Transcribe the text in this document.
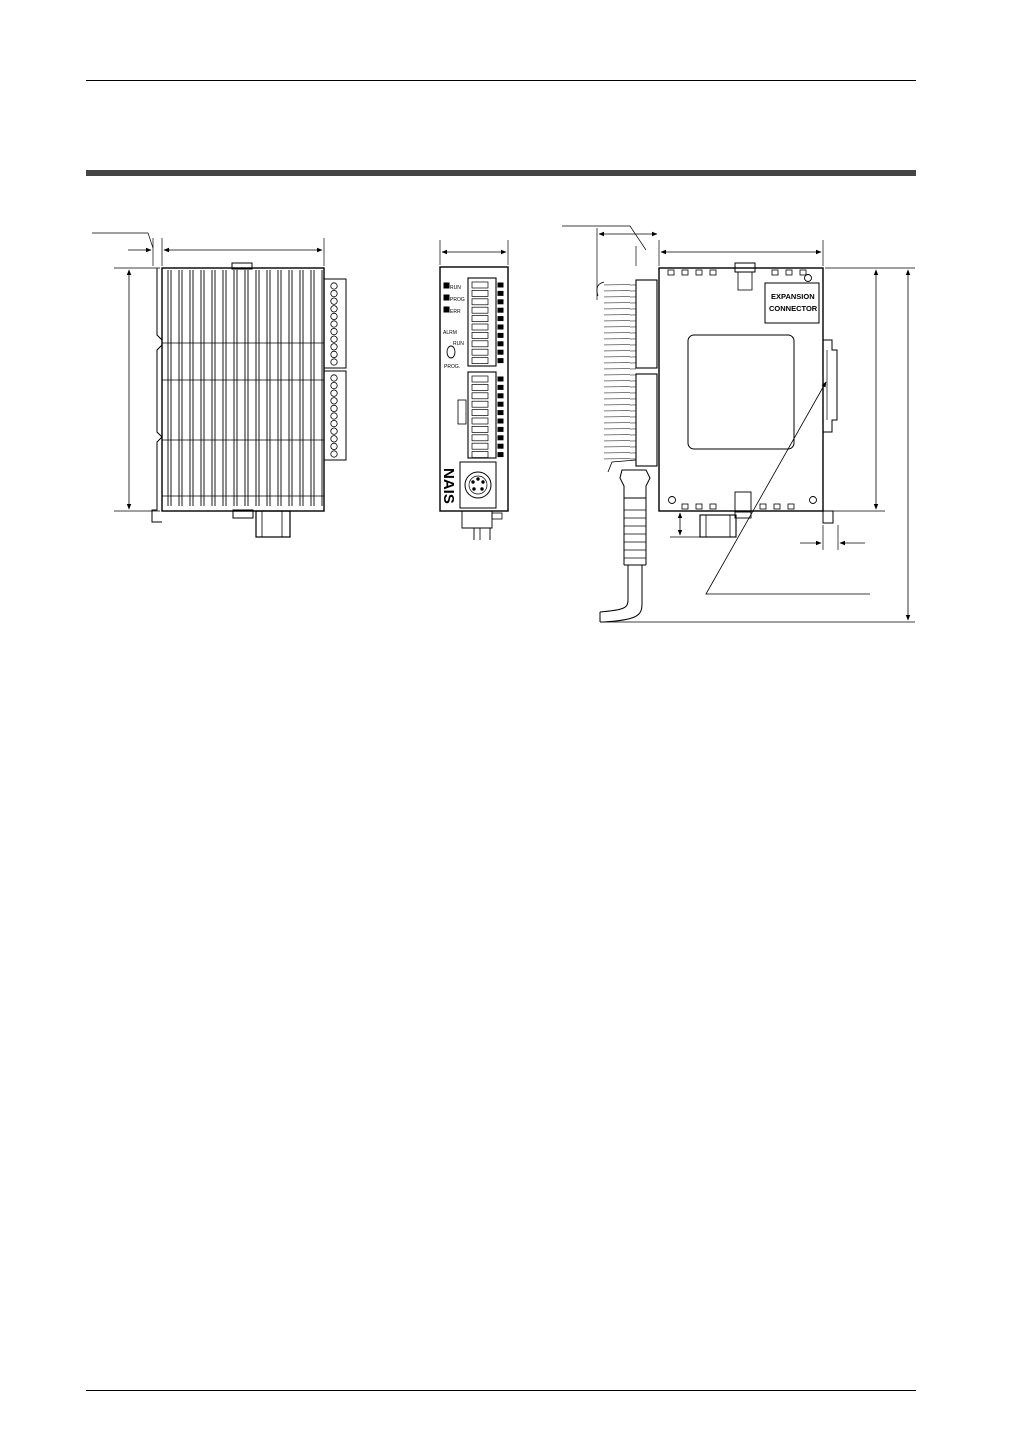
RUN
PROG
ERR
ALRM
RUN
PROG.
NAIS
EXPANSION
CONNECTOR
